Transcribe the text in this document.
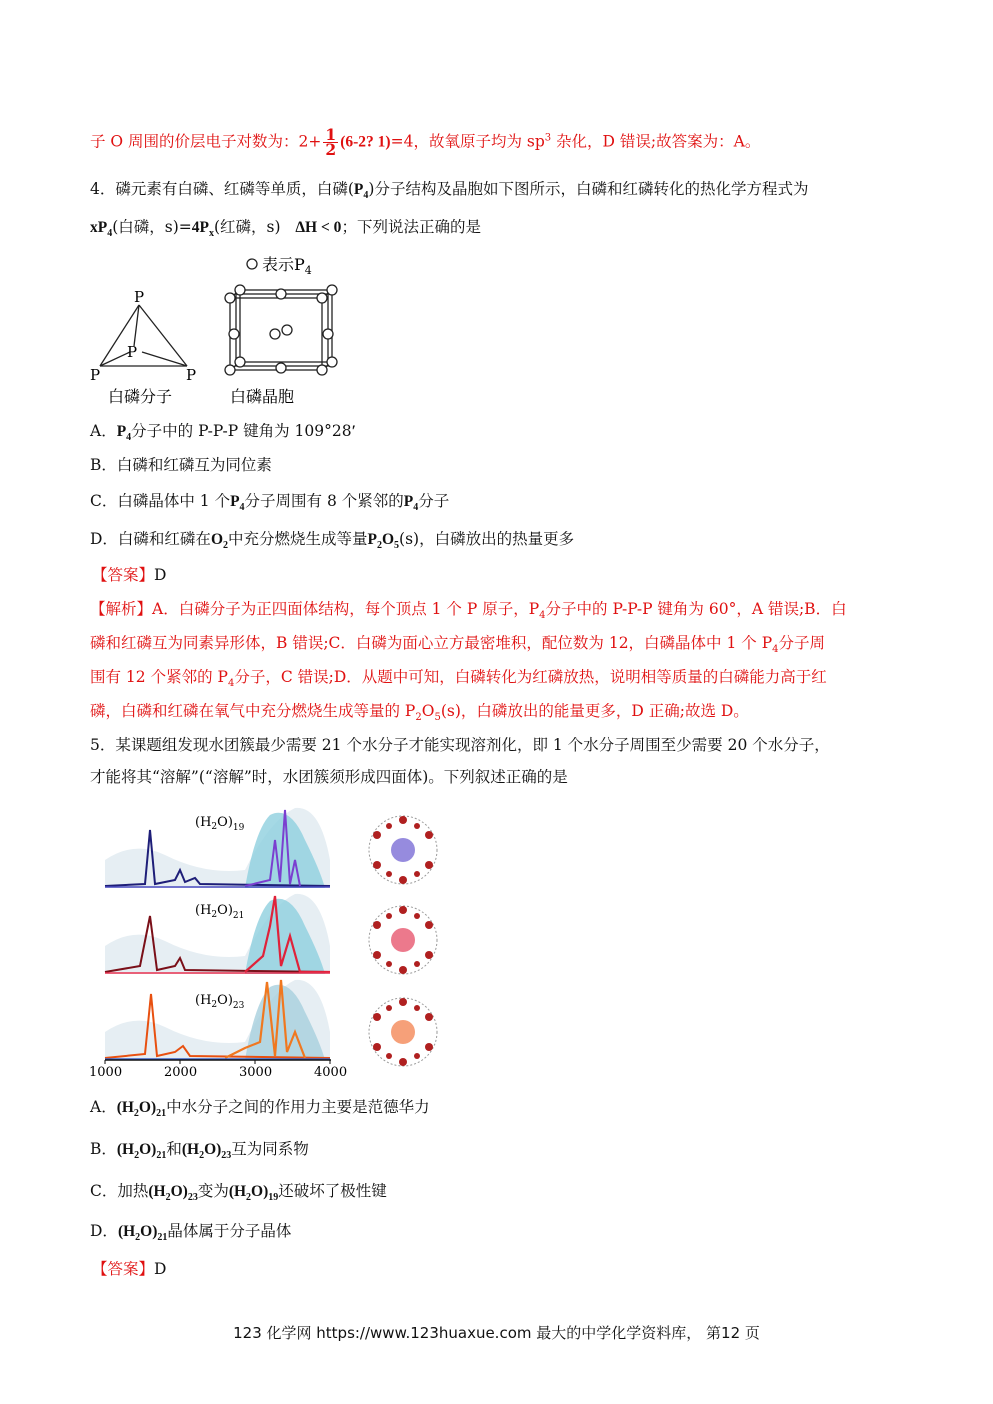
子 O 周围的价层电子对数为：$2+ \frac{1}{2} (6-2$? 1)=4，故氧原子均为 $sp^3$ 杂化，D 错误;故答案为：A。
4．磷元素有白磷、红磷等单质，白磷$(P_4)$分子结构及晶胞如下图所示，白磷和红磷转化的热化学方程式为
$xP_4$(白磷，$s)=4P_x$(红磷，s) ΔH < 0；下列说法正确的是
P
P
P	P
白磷分子
表示$P_4$
白磷晶胞
A．$P_4$分子中的 P-P-P 键角为 109°28′
B．白磷和红磷互为同位素
C．白磷晶体中 1 个$P_4$分子周围有 8 个紧邻的$P_4$分子
D．白磷和红磷在$O_2$中充分燃烧生成等量$P_2O_5(s)$，白磷放出的热量更多
【答案】D
【解析】A．白磷分子为正四面体结构，每个顶点 1 个 P 原子，$P_4$分子中的 P-P-P 键角为 60°，A 错误;B．白
磷和红磷互为同素异形体，B 错误;C．白磷为面心立方最密堆积，配位数为 12，白磷晶体中 1 个 $P_4$分子周
围有 12 个紧邻的 $P_4$分子，C 错误;D．从题中可知，白磷转化为红磷放热，说明相等质量的白磷能力高于红
磷，白磷和红磷在氧气中充分燃烧生成等量的 $P_2O_5(s)$，白磷放出的能量更多，D 正确;故选 D。
5．某课题组发现水团簇最少需要 21 个水分子才能实现溶剂化，即 1 个水分子周围至少需要 20 个水分子，
才能将其“溶解”(“溶解”时，水团簇须形成四面体)。下列叙述正确的是
$(H_2O)_{19}$
$(H_2O)_{21}$
$(H_2O)_{23}$
1000	2000	3000	4000
A．$(H_2O)_{21}$中水分子之间的作用力主要是范德华力
B．$(H_2O)_{21}$和$(H_2O)_{23}$互为同系物
C．加热$(H_2O)_{23}$变为$(H_2O)_{19}$还破坏了极性键
D．$(H_2O)_{21}$晶体属于分子晶体
【答案】D
123 化学网 https://www.123huaxue.com 最大的中学化学资料库， 第12 页
